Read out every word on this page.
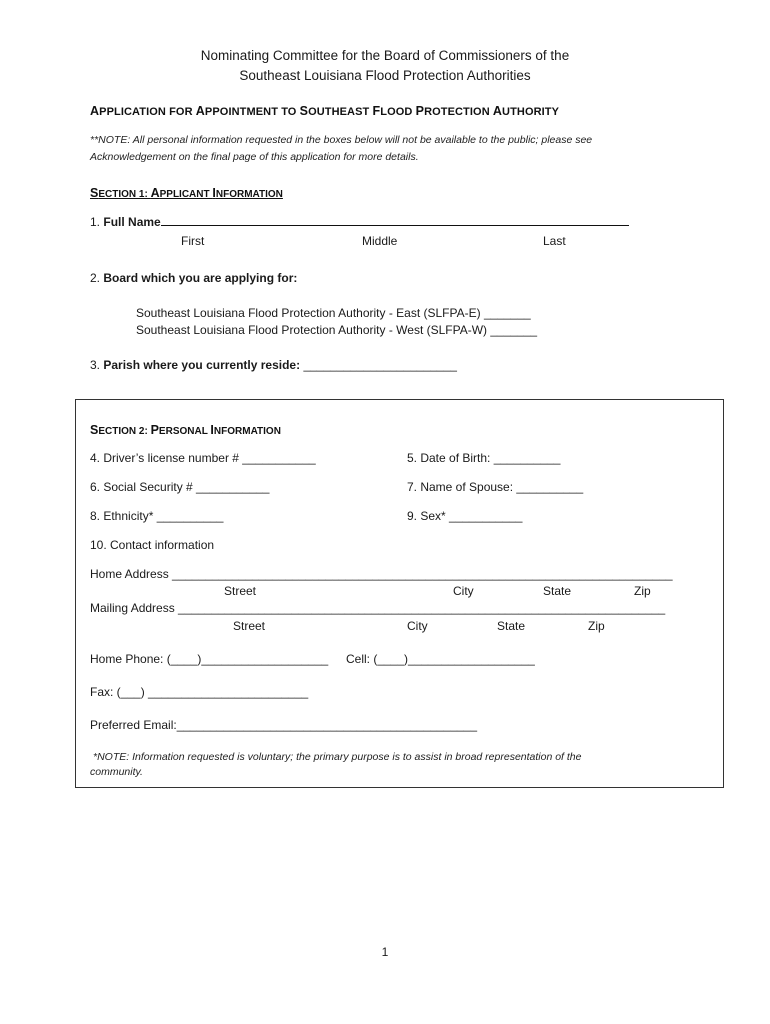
Nominating Committee for the Board of Commissioners of the
Southeast Louisiana Flood Protection Authorities
APPLICATION FOR APPOINTMENT TO SOUTHEAST FLOOD PROTECTION AUTHORITY
**NOTE: All personal information requested in the boxes below will not be available to the public; please see
Acknowledgement on the final page of this application for more details.
SECTION 1: APPLICANT INFORMATION
1. Full Name
First	Middle	Last
2. Board which you are applying for:
Southeast Louisiana Flood Protection Authority - East (SLFPA-E) _______
Southeast Louisiana Flood Protection Authority - West (SLFPA-W) _______
3. Parish where you currently reside: _______________________
SECTION 2: PERSONAL INFORMATION
4. Driver’s license number # ___________	5. Date of Birth: __________
6. Social Security # ___________	7. Name of Spouse: __________
8. Ethnicity* __________	9. Sex* ___________
10. Contact information
Home Address ___________________________________________________________________________
Street	City	State	Zip
Mailing Address _________________________________________________________________________
Street	City	State	Zip
Home Phone: (____)___________________ Cell: (____)___________________
Fax: (___) ________________________
Preferred Email:_____________________________________________
*NOTE: Information requested is voluntary; the primary purpose is to assist in broad representation of the
community.
1
